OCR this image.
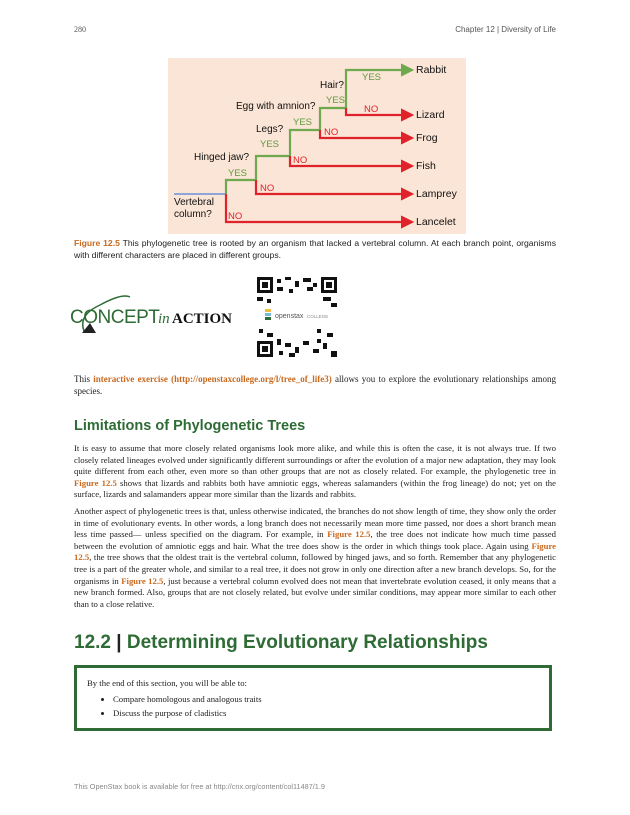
280	Chapter 12 | Diversity of Life
Vertebral
column?
Hinged jaw?
Legs?
Egg with amnion?
Hair?
YES
YES
YES
YES
YES
NO
NO
NO
NO
NO
Rabbit
Lizard
Frog
Fish
Lamprey
Lancelet
Figure 12.5 This phylogenetic tree is rooted by an organism that lacked a vertebral column. At each branch point, organisms with different characters are placed in different groups.
CONCEPT
in ACTION	openstax COLLEGE
This interactive exercise (http://openstaxcollege.org/l/tree_of_life3) allows you to explore the evolutionary relationships among species.
Limitations of Phylogenetic Trees
It is easy to assume that more closely related organisms look more alike, and while this is often the case, it is not always true. If two closely related lineages evolved under significantly different surroundings or after the evolution of a major new adaptation, they may look quite different from each other, even more so than other groups that are not as closely related. For example, the phylogenetic tree in Figure 12.5 shows that lizards and rabbits both have amniotic eggs, whereas salamanders (within the frog lineage) do not; yet on the surface, lizards and salamanders appear more similar than the lizards and rabbits.
Another aspect of phylogenetic trees is that, unless otherwise indicated, the branches do not show length of time, they show only the order in time of evolutionary events. In other words, a long branch does not necessarily mean more time passed, nor does a short branch mean less time passed— unless specified on the diagram. For example, in Figure 12.5, the tree does not indicate how much time passed between the evolution of amniotic eggs and hair. What the tree does show is the order in which things took place. Again using Figure 12.5, the tree shows that the oldest trait is the vertebral column, followed by hinged jaws, and so forth. Remember that any phylogenetic tree is a part of the greater whole, and similar to a real tree, it does not grow in only one direction after a new branch develops. So, for the organisms in Figure 12.5, just because a vertebral column evolved does not mean that invertebrate evolution ceased, it only means that a new branch formed. Also, groups that are not closely related, but evolve under similar conditions, may appear more similar to each other than to a close relative.
12.2 | Determining Evolutionary Relationships
By the end of this section, you will be able to:
• Compare homologous and analogous traits
• Discuss the purpose of cladistics
This OpenStax book is available for free at http://cnx.org/content/col11487/1.9
